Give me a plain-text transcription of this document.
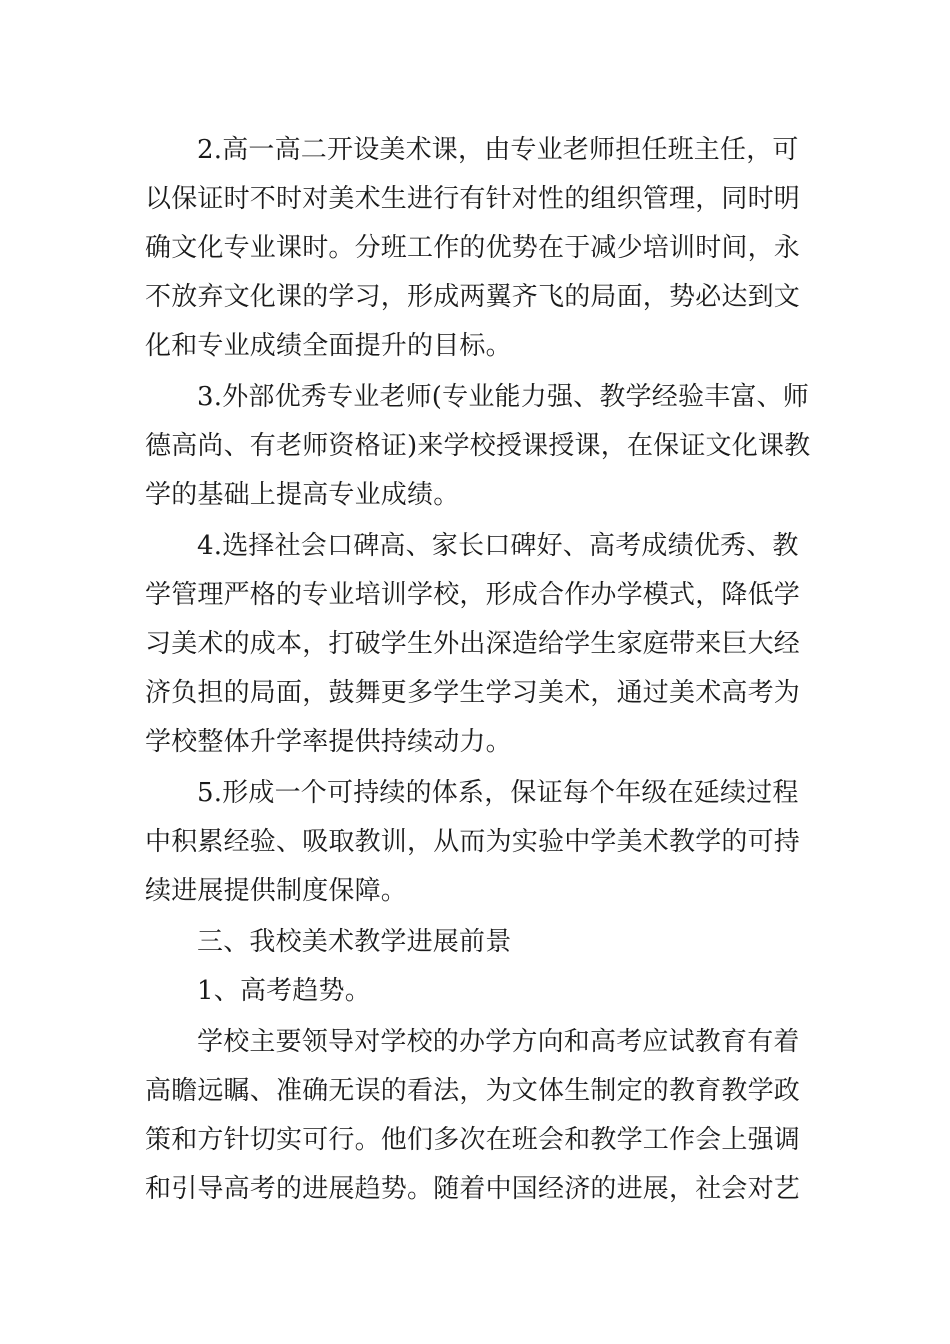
2.高一高二开设美术课，由专业老师担任班主任，可
以保证时不时对美术生进行有针对性的组织管理，同时明
确文化专业课时。分班工作的优势在于减少培训时间，永
不放弃文化课的学习，形成两翼齐飞的局面，势必达到文
化和专业成绩全面提升的目标。
3.外部优秀专业老师(专业能力强、教学经验丰富、师
德高尚、有老师资格证)来学校授课授课，在保证文化课教
学的基础上提高专业成绩。
4.选择社会口碑高、家长口碑好、高考成绩优秀、教
学管理严格的专业培训学校，形成合作办学模式，降低学
习美术的成本，打破学生外出深造给学生家庭带来巨大经
济负担的局面，鼓舞更多学生学习美术，通过美术高考为
学校整体升学率提供持续动力。
5.形成一个可持续的体系，保证每个年级在延续过程
中积累经验、吸取教训，从而为实验中学美术教学的可持
续进展提供制度保障。
三、我校美术教学进展前景
1、高考趋势。
学校主要领导对学校的办学方向和高考应试教育有着
高瞻远瞩、准确无误的看法，为文体生制定的教育教学政
策和方针切实可行。他们多次在班会和教学工作会上强调
和引导高考的进展趋势。随着中国经济的进展，社会对艺
